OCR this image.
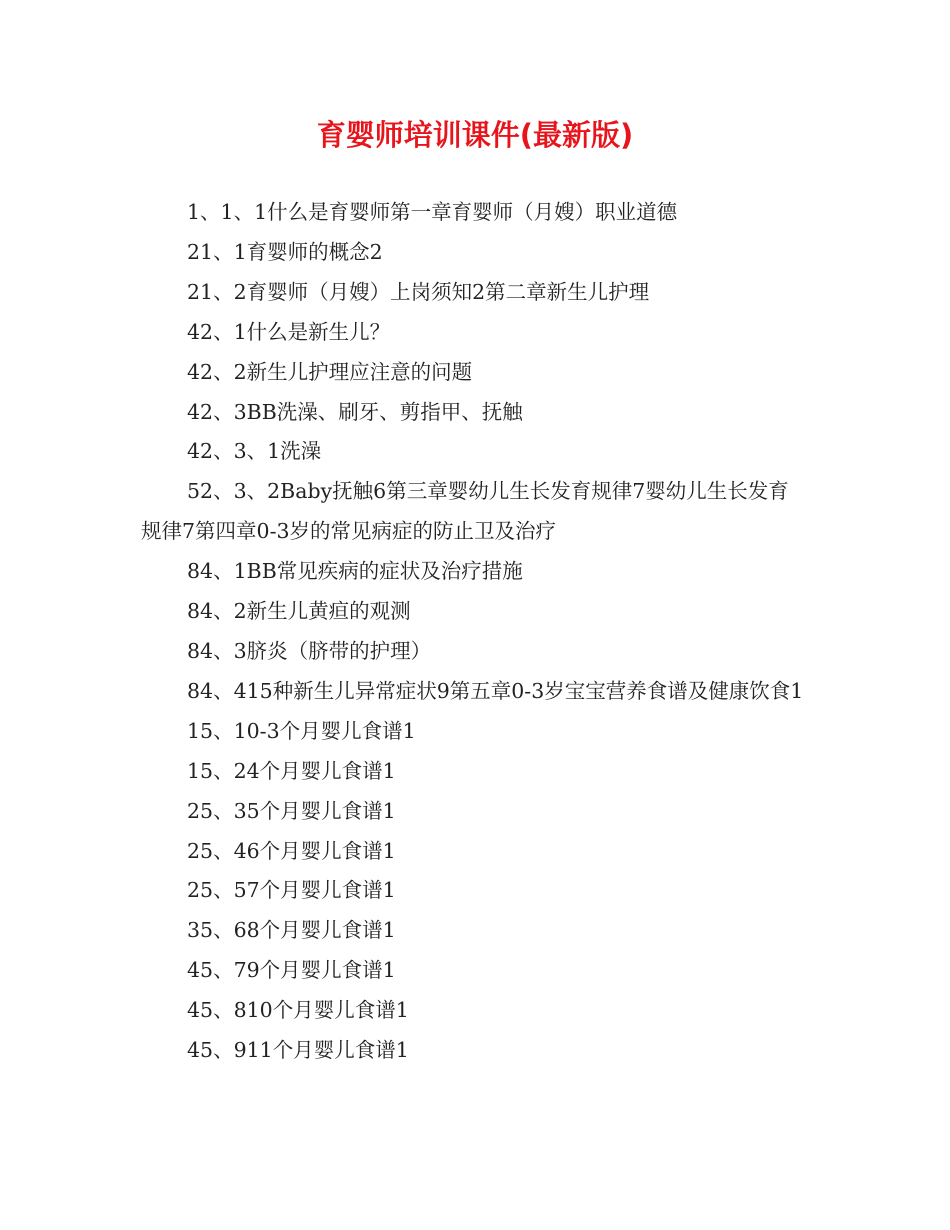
育婴师培训课件(最新版)
1、1、1什么是育婴师第一章育婴师（月嫂）职业道德
21、1育婴师的概念2
21、2育婴师（月嫂）上岗须知2第二章新生儿护理
42、1什么是新生儿？
42、2新生儿护理应注意的问题
42、3BB洗澡、刷牙、剪指甲、抚触
42、3、1洗澡
52、3、2Baby抚触6第三章婴幼儿生长发育规律7婴幼儿生长发育规律7第四章0-3岁的常见病症的防止卫及治疗
84、1BB常见疾病的症状及治疗措施
84、2新生儿黄疸的观测
84、3脐炎（脐带的护理）
84、415种新生儿异常症状9第五章0-3岁宝宝营养食谱及健康饮食1
15、10-3个月婴儿食谱1
15、24个月婴儿食谱1
25、35个月婴儿食谱1
25、46个月婴儿食谱1
25、57个月婴儿食谱1
35、68个月婴儿食谱1
45、79个月婴儿食谱1
45、810个月婴儿食谱1
45、911个月婴儿食谱1
